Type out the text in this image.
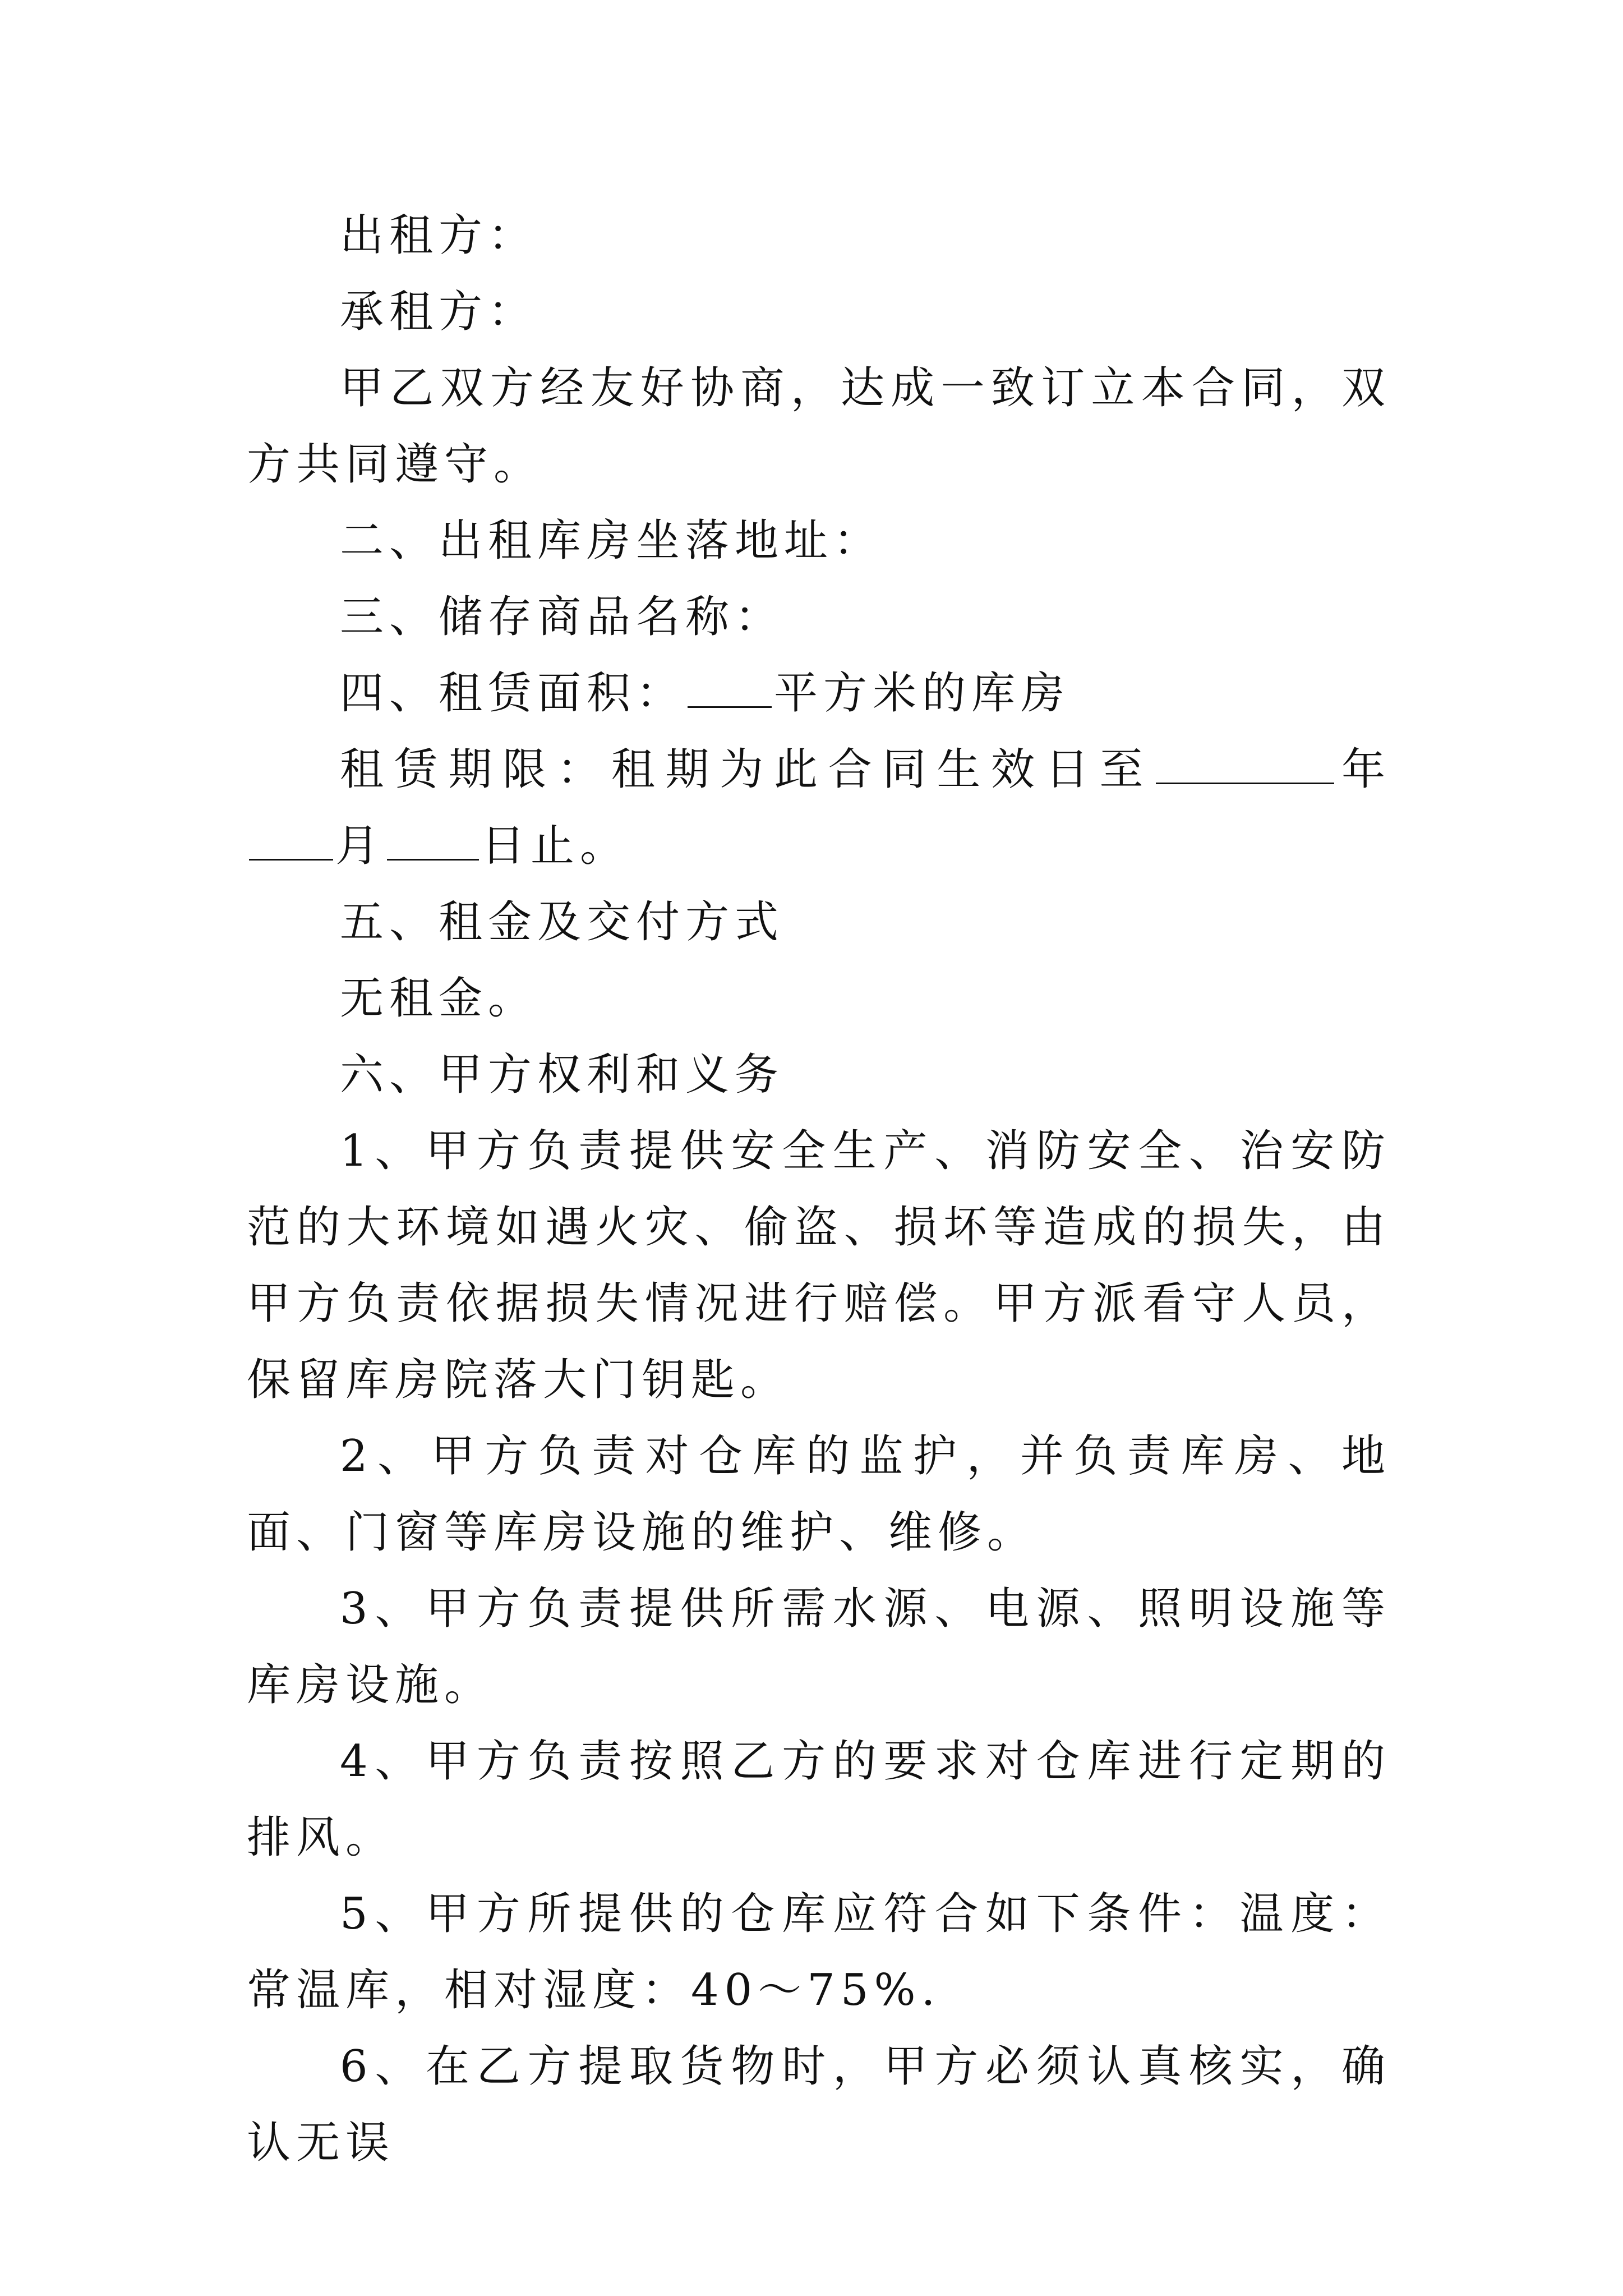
出租方：

承租方：

甲乙双方经友好协商，达成一致订立本合同，双方共同遵守。

二、出租库房坐落地址：

三、储存商品名称：

四、租赁面积： 平方米的库房

租赁期限：租期为此合同生效日至	年月 日止。

五、租金及交付方式

无租金。

六、甲方权利和义务

1、甲方负责提供安全生产、消防安全、治安防范的大环境如遇火灾、偷盗、损坏等造成的损失，由甲方负责依据损失情况进行赔偿。甲方派看守人员，保留库房院落大门钥匙。

2、甲方负责对仓库的监护，并负责库房、地面、门窗等库房设施的维护、维修。

3、甲方负责提供所需水源、电源、照明设施等库房设施。

4、甲方负责按照乙方的要求对仓库进行定期的排风。

5、甲方所提供的仓库应符合如下条件：温度：常温库，相对湿度：40～75%.

6、在乙方提取货物时，甲方必须认真核实，确认无误
